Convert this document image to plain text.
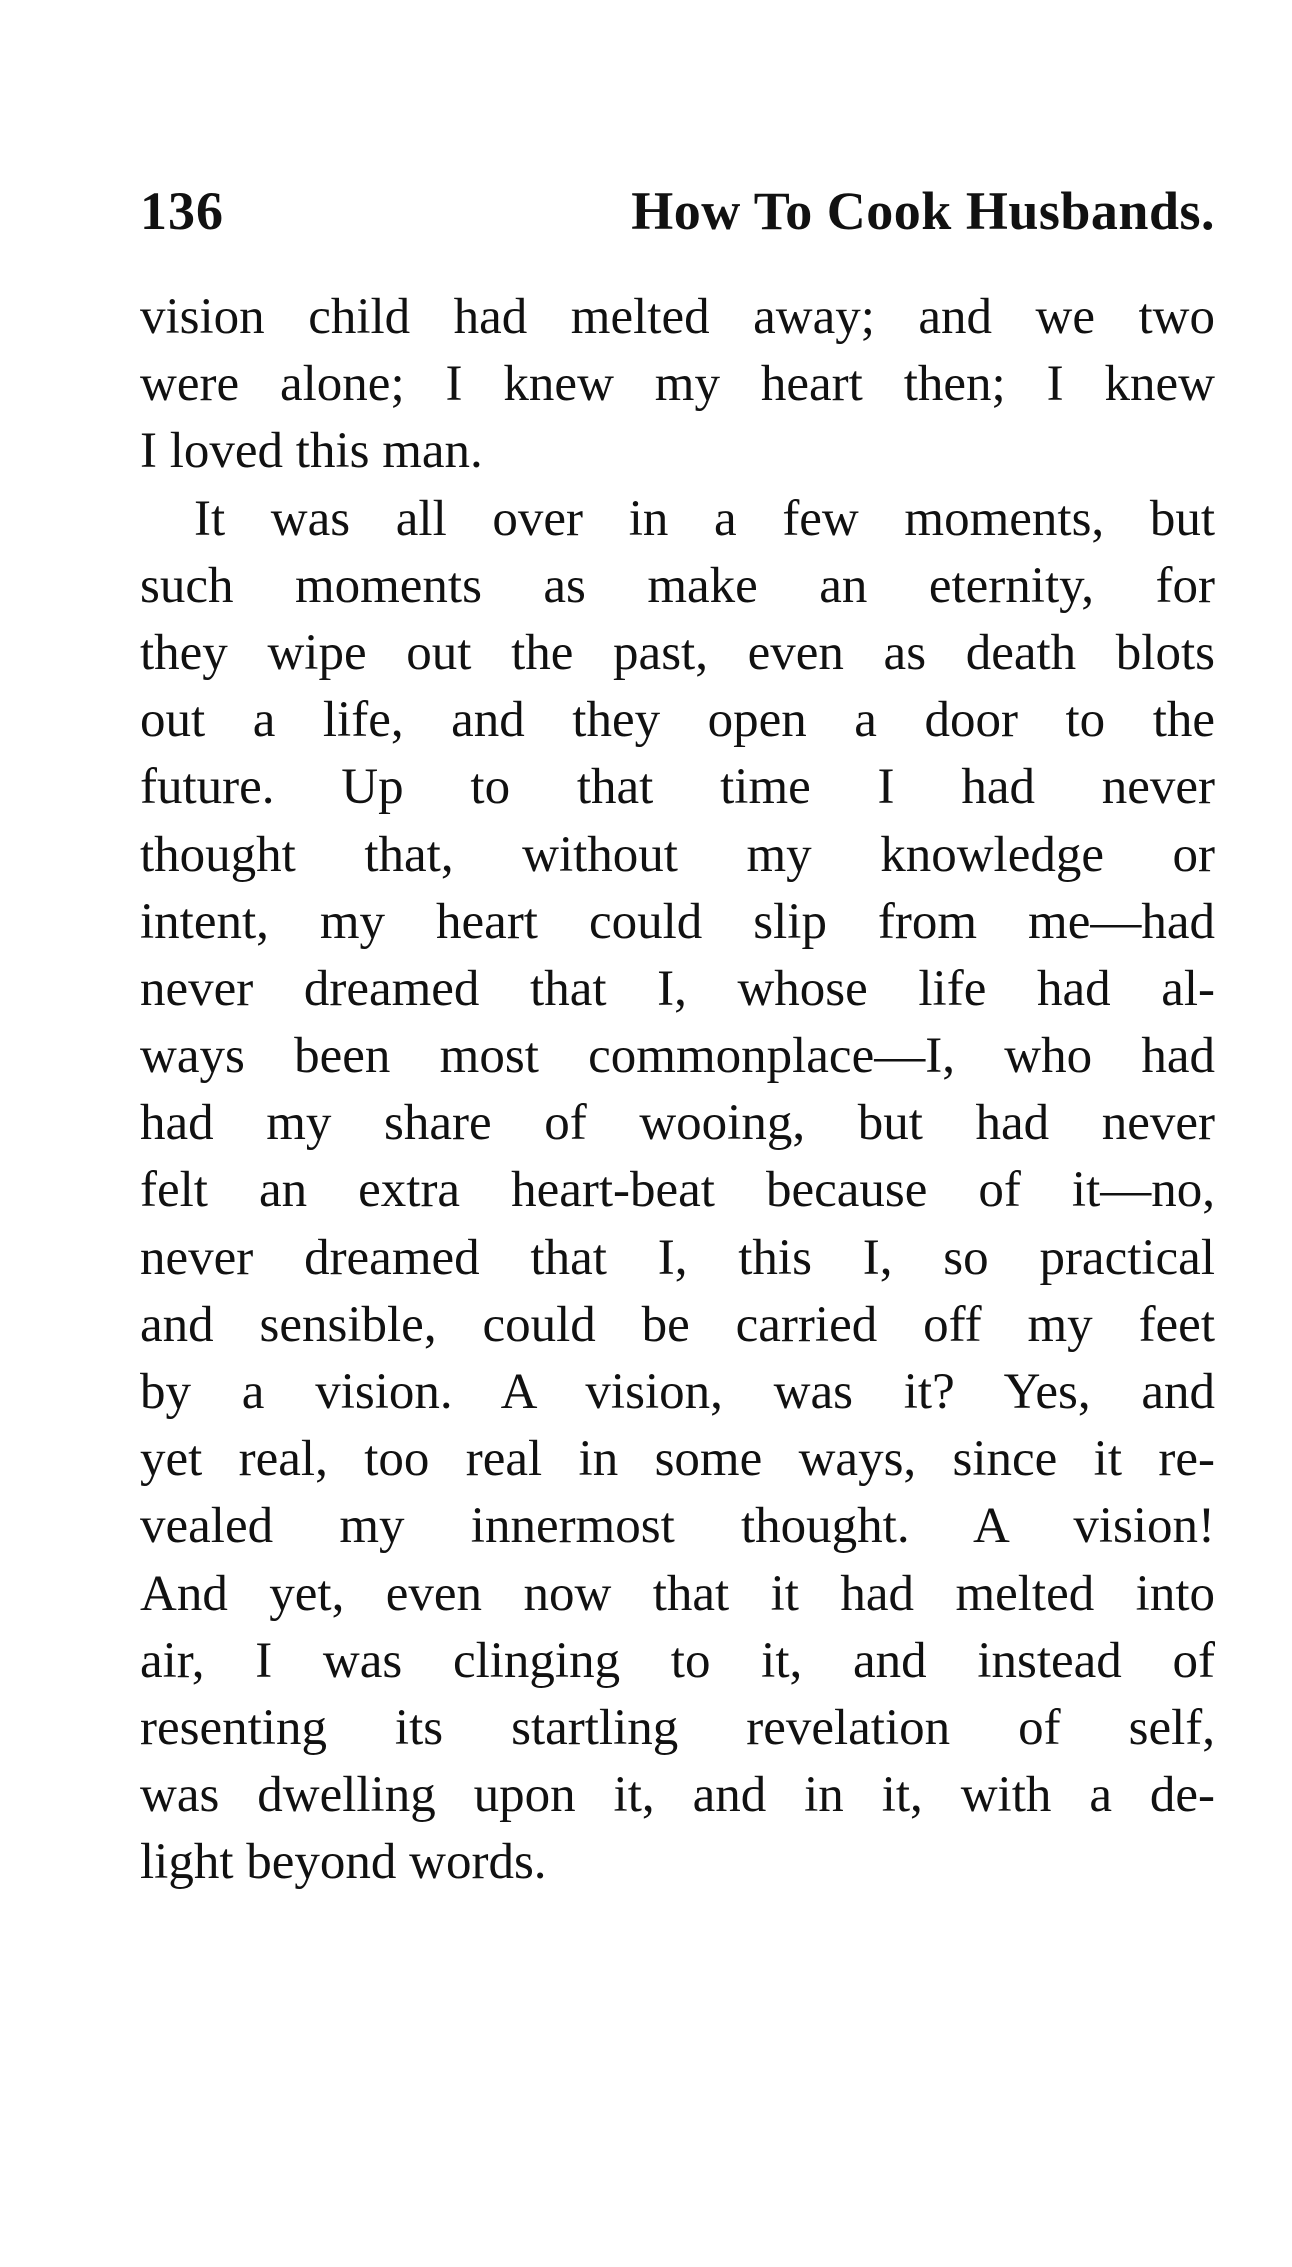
136	How To Cook Husbands.
vision child had melted away; and we two
were alone; I knew my heart then; I knew
I loved this man.
It was all over in a few moments, but
such moments as make an eternity, for
they wipe out the past, even as death blots
out a life, and they open a door to the
future. Up to that time I had never
thought that, without my knowledge or
intent, my heart could slip from me—had
never dreamed that I, whose life had al-
ways been most commonplace—I, who had
had my share of wooing, but had never
felt an extra heart-beat because of it—no,
never dreamed that I, this I, so practical
and sensible, could be carried off my feet
by a vision. A vision, was it? Yes, and
yet real, too real in some ways, since it re-
vealed my innermost thought. A vision!
And yet, even now that it had melted into
air, I was clinging to it, and instead of
resenting its startling revelation of self,
was dwelling upon it, and in it, with a de-
light beyond words.
